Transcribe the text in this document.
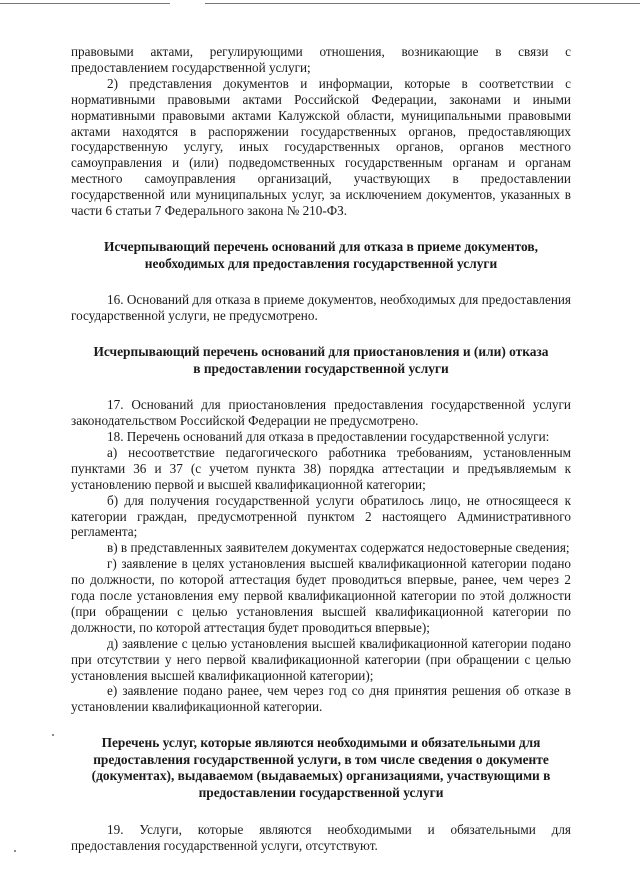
правовыми актами, регулирующими отношения, возникающие в связи с предоставлением государственной услуги;

2) представления документов и информации, которые в соответствии с нормативными правовыми актами Российской Федерации, законами и иными нормативными правовыми актами Калужской области, муниципальными правовыми актами находятся в распоряжении государственных органов, предоставляющих государственную услугу, иных государственных органов, органов местного самоуправления и (или) подведомственных государственным органам и органам местного самоуправления организаций, участвующих в предоставлении государственной или муниципальных услуг, за исключением документов, указанных в части 6 статьи 7 Федерального закона № 210-ФЗ.

Исчерпывающий перечень оснований для отказа в приеме документов, необходимых для предоставления государственной услуги

16. Оснований для отказа в приеме документов, необходимых для предоставления государственной услуги, не предусмотрено.

Исчерпывающий перечень оснований для приостановления и (или) отказа в предоставлении государственной услуги

17. Оснований для приостановления предоставления государственной услуги законодательством Российской Федерации не предусмотрено.

18. Перечень оснований для отказа в предоставлении государственной услуги:

а) несоответствие педагогического работника требованиям, установленным пунктами 36 и 37 (с учетом пункта 38) порядка аттестации и предъявляемым к установлению первой и высшей квалификационной категории;

б) для получения государственной услуги обратилось лицо, не относящееся к категории граждан, предусмотренной пунктом 2 настоящего Административного регламента;

в) в представленных заявителем документах содержатся недостоверные сведения;

г) заявление в целях установления высшей квалификационной категории подано по должности, по которой аттестация будет проводиться впервые, ранее, чем через 2 года после установления ему первой квалификационной категории по этой должности (при обращении с целью установления высшей квалификационной категории по должности, по которой аттестация будет проводиться впервые);

д) заявление с целью установления высшей квалификационной категории подано при отсутствии у него первой квалификационной категории (при обращении с целью установления высшей квалификационной категории);

е) заявление подано ранее, чем через год со дня принятия решения об отказе в установлении квалификационной категории.

Перечень услуг, которые являются необходимыми и обязательными для предоставления государственной услуги, в том числе сведения о документе (документах), выдаваемом (выдаваемых) организациями, участвующими в предоставлении государственной услуги

19. Услуги, которые являются необходимыми и обязательными для предоставления государственной услуги, отсутствуют.
